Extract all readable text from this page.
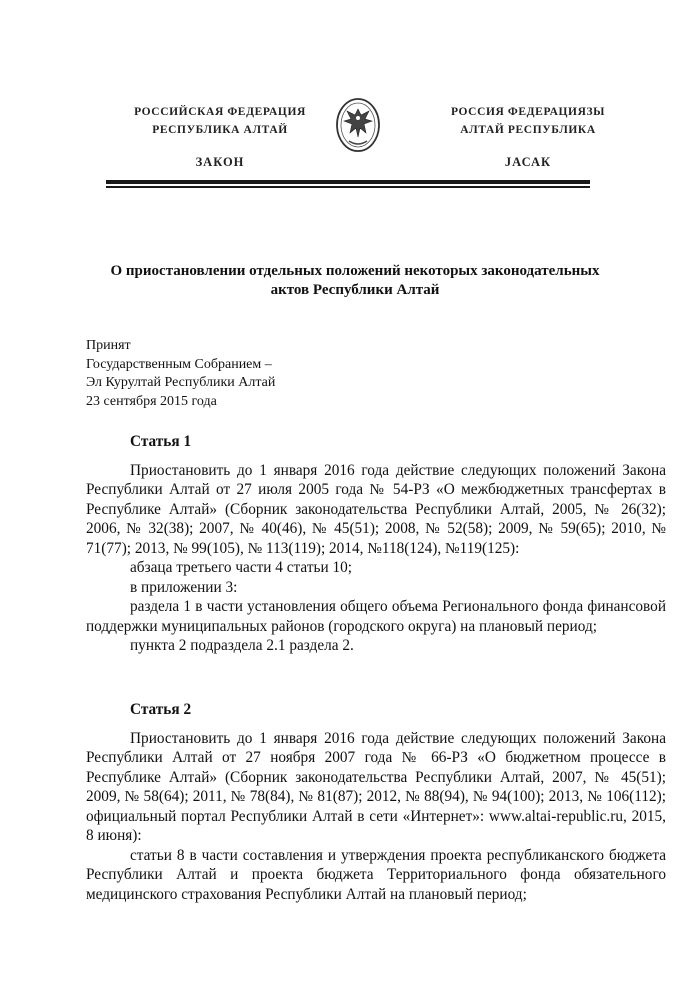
РОССИЙСКАЯ ФЕДЕРАЦИЯ
РЕСПУБЛИКА АЛТАЙ
ЗАКОН
РОССИЯ ФЕДЕРАЦИЯЗЫ
АЛТАЙ РЕСПУБЛИКА
JАСАК
О приостановлении отдельных положений некоторых законодательных
актов Республики Алтай
Принят
Государственным Собранием –
Эл Курултай Республики Алтай
23 сентября 2015 года
Статья 1

Приостановить до 1 января 2016 года действие следующих положений Закона Республики Алтай от 27 июля 2005 года № 54-РЗ «О межбюджетных трансфертах в Республике Алтай» (Сборник законодательства Республики Алтай, 2005, № 26(32); 2006, № 32(38); 2007, № 40(46), № 45(51); 2008, № 52(58); 2009, № 59(65); 2010, № 71(77); 2013, № 99(105), № 113(119); 2014, №118(124), №119(125):

абзаца третьего части 4 статьи 10;

в приложении 3:

раздела 1 в части установления общего объема Регионального фонда финансовой поддержки муниципальных районов (городского округа) на плановый период;

пункта 2 подраздела 2.1 раздела 2.

Статья 2

Приостановить до 1 января 2016 года действие следующих положений Закона Республики Алтай от 27 ноября 2007 года № 66-РЗ «О бюджетном процессе в Республике Алтай» (Сборник законодательства Республики Алтай, 2007, № 45(51); 2009, № 58(64); 2011, № 78(84), № 81(87); 2012, № 88(94), № 94(100); 2013, № 106(112); официальный портал Республики Алтай в сети «Интернет»: www.altai-republic.ru, 2015, 8 июня):

статьи 8 в части составления и утверждения проекта республиканского бюджета Республики Алтай и проекта бюджета Территориального фонда обязательного медицинского страхования Республики Алтай на плановый период;
